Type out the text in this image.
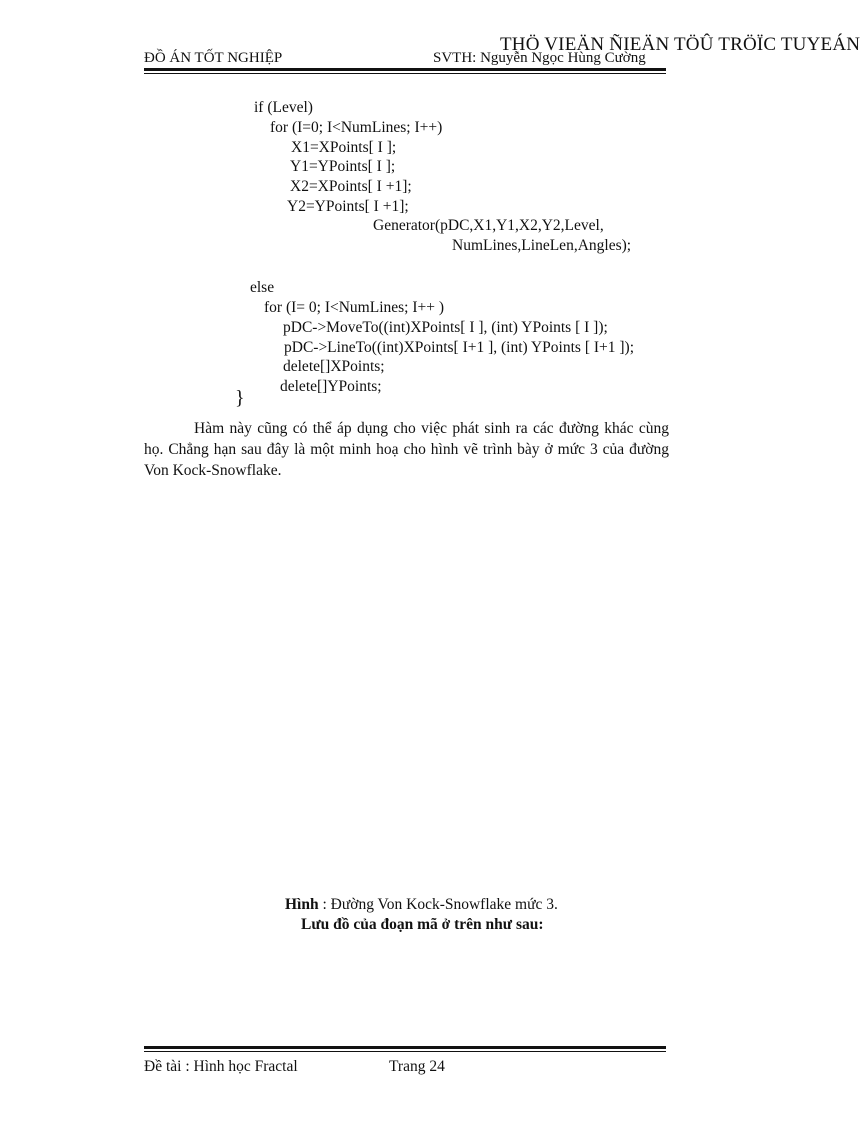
ĐỒ ÁN TỐT NGHIỆP	SVTH: Nguyễn Ngọc Hùng Cường
THÖ VIEÄN ÑIEÄN TÖÛ TRÖÏC TUYEÁN
if (Level)
for (I=0; I<NumLines; I++)
X1=XPoints[ I ];
Y1=YPoints[ I ];
X2=XPoints[ I +1];
Y2=YPoints[ I +1];
Generator(pDC,X1,Y1,X2,Y2,Level,
NumLines,LineLen,Angles);
else
for (I= 0; I<NumLines; I++ )
pDC->MoveTo((int)XPoints[ I ], (int) YPoints [ I ]);
pDC->LineTo((int)XPoints[ I+1 ], (int) YPoints [ I+1 ]);
delete[]XPoints;
delete[]YPoints;
}
Hàm này cũng có thể áp dụng cho việc phát sinh ra các đường khác cùng họ. Chẳng hạn sau đây là một minh hoạ cho hình vẽ trình bày ở mức 3 của đường Von Kock-Snowflake.
Hình : Đường Von Kock-Snowflake mức 3.
Lưu đồ của đoạn mã ở trên như sau:
Đề tài : Hình học Fractal	Trang 24
